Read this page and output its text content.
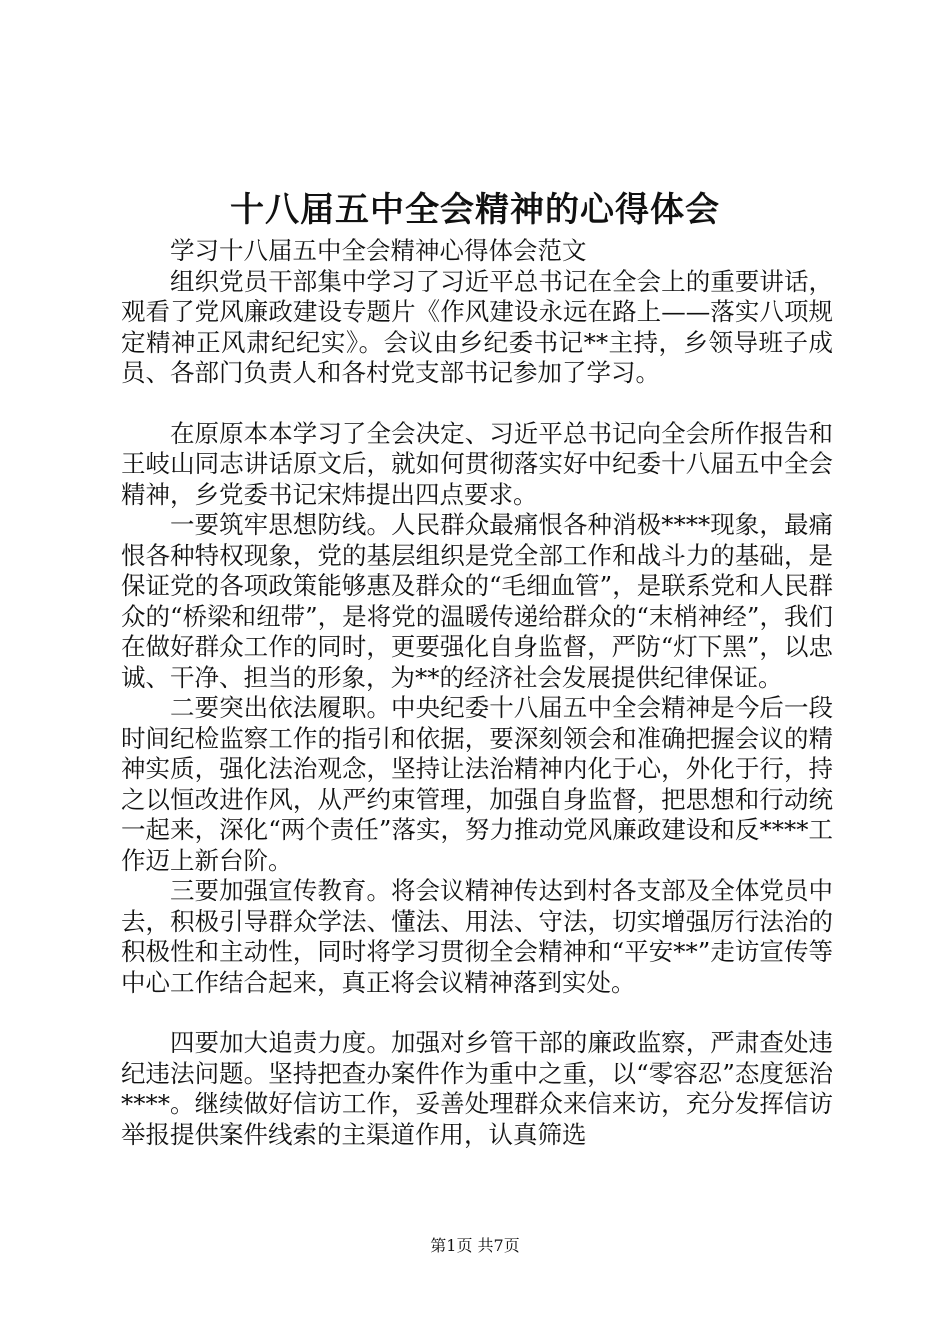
十八届五中全会精神的心得体会

学习十八届五中全会精神心得体会范文

组织党员干部集中学习了习近平总书记在全会上的重要讲话，观看了党风廉政建设专题片《作风建设永远在路上——落实八项规定精神正风肃纪纪实》。会议由乡纪委书记**主持，乡领导班子成员、各部门负责人和各村党支部书记参加了学习。

在原原本本学习了全会决定、习近平总书记向全会所作报告和王岐山同志讲话原文后，就如何贯彻落实好中纪委十八届五中全会精神，乡党委书记宋炜提出四点要求。

一要筑牢思想防线。人民群众最痛恨各种消极****现象，最痛恨各种特权现象，党的基层组织是党全部工作和战斗力的基础，是保证党的各项政策能够惠及群众的“毛细血管”，是联系党和人民群众的“桥梁和纽带”，是将党的温暖传递给群众的“末梢神经”，我们在做好群众工作的同时，更要强化自身监督，严防“灯下黑”，以忠诚、干净、担当的形象，为**的经济社会发展提供纪律保证。

二要突出依法履职。中央纪委十八届五中全会精神是今后一段时间纪检监察工作的指引和依据，要深刻领会和准确把握会议的精神实质，强化法治观念，坚持让法治精神内化于心，外化于行，持之以恒改进作风，从严约束管理，加强自身监督，把思想和行动统一起来，深化“两个责任”落实，努力推动党风廉政建设和反****工作迈上新台阶。

三要加强宣传教育。将会议精神传达到村各支部及全体党员中去，积极引导群众学法、懂法、用法、守法，切实增强厉行法治的积极性和主动性，同时将学习贯彻全会精神和“平安**”走访宣传等中心工作结合起来，真正将会议精神落到实处。

四要加大追责力度。加强对乡管干部的廉政监察，严肃查处违纪违法问题。坚持把查办案件作为重中之重，以“零容忍”态度惩治****。继续做好信访工作，妥善处理群众来信来访，充分发挥信访举报提供案件线索的主渠道作用，认真筛选

第1页 共7页
